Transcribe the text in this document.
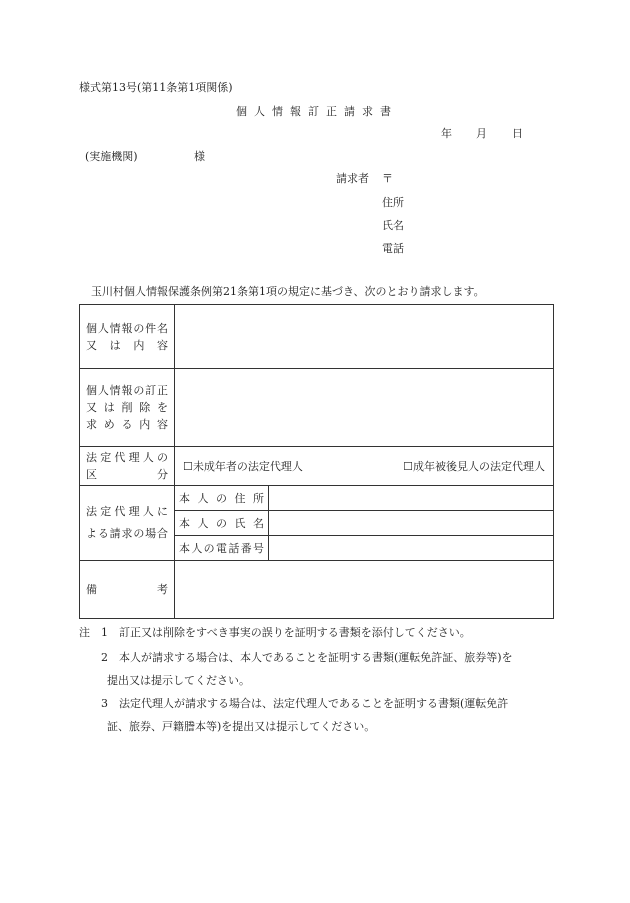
様式第13号(第11条第1項関係)
個人情報訂正請求書
年 月 日
(実施機関)	様
請求者 〒
住所
氏名
電話
玉川村個人情報保護条例第21条第1項の規定に基づき、次のとおり請求します。
個人情報の件名
又は内容		

個人情報の訂正
又は削除を
求める内容		

法定代理人の
区分	☐未成年者の法定代理人 ☐成年被後見人の法定代理人	

法定代理人に
よる請求の場合	本人の住所	

	本人の氏名	

	本人の電話番号	

備 考		

注 1 訂正又は削除をすべき事実の誤りを証明する書類を添付してください。
2 本人が請求する場合は、本人であることを証明する書類(運転免許証、旅券等)を
提出又は提示してください。
3 法定代理人が請求する場合は、法定代理人であることを証明する書類(運転免許
証、旅券、戸籍謄本等)を提出又は提示してください。
